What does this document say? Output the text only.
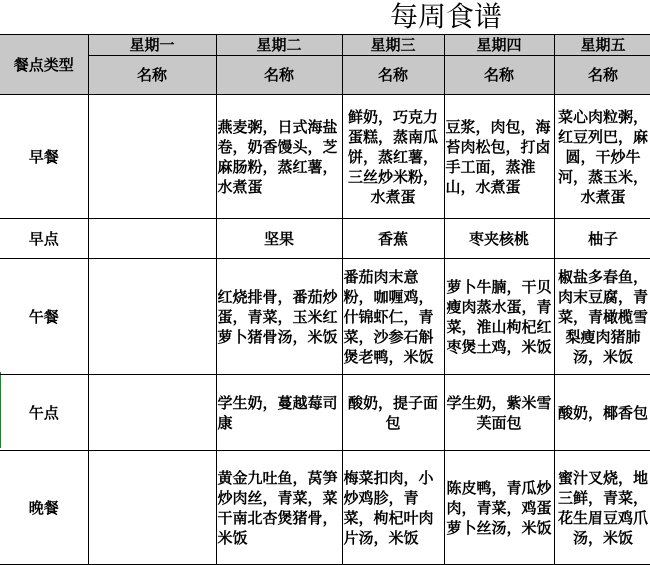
每周食谱
餐点类型	星期一	星期二	星期三	星期四	星期五
	名称	名称	名称	名称	名称
早餐		燕麦粥，日式海盐卷，奶香馒头，芝麻肠粉，蒸红薯，水煮蛋	鲜奶，巧克力蛋糕，蒸南瓜饼，蒸红薯，三丝炒米粉，水煮蛋	豆浆，肉包，海苔肉松包，打卤手工面，蒸淮山，水煮蛋	菜心肉粒粥，红豆列巴，麻圆，干炒牛河，蒸玉米，水煮蛋
早点		坚果	香蕉	枣夹核桃	柚子
午餐		红烧排骨，番茄炒蛋，青菜，玉米红萝卜猪骨汤，米饭	番茄肉末意粉，咖喱鸡，什锦虾仁，青菜，沙参石斛煲老鸭，米饭	萝卜牛腩，干贝瘦肉蒸水蛋，青菜，淮山枸杞红枣煲土鸡，米饭	椒盐多春鱼，肉末豆腐，青菜，青橄榄雪梨瘦肉猪肺汤，米饭
午点		学生奶，蔓越莓司康	酸奶，提子面包	学生奶，紫米雪芙面包	酸奶，椰香包
晚餐		黄金九吐鱼，莴笋炒肉丝，青菜，菜干南北杏煲猪骨，米饭	梅菜扣肉，小炒鸡胗，青菜，枸杞叶肉片汤，米饭	陈皮鸭，青瓜炒肉，青菜，鸡蛋萝卜丝汤，米饭	蜜汁叉烧，地三鲜，青菜，花生眉豆鸡爪汤，米饭
